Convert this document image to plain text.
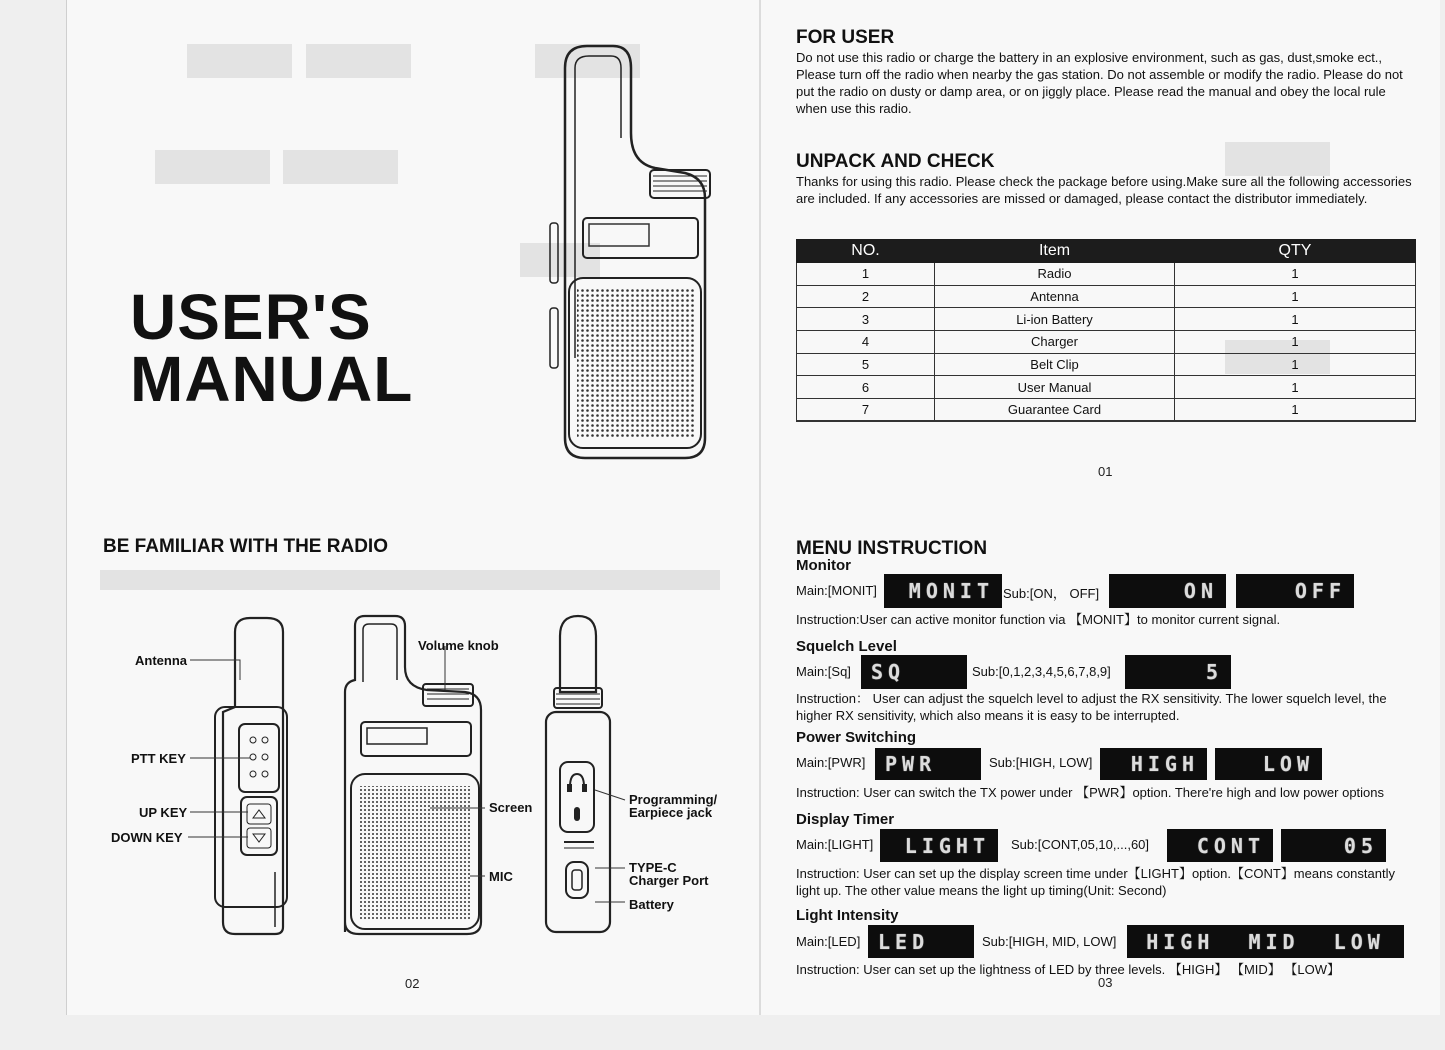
USER'S
MANUAL
BE FAMILIAR WITH THE RADIO
Antenna
PTT KEY
UP KEY
DOWN KEY
Volume knob
Screen
MIC
Programming/
Earpiece jack
TYPE-C
Charger Port
Battery
02
FOR USER
Do not use this radio or charge the battery in an explosive environment, such as gas, dust,smoke ect., Please turn off the radio when nearby the gas station. Do not assemble or modify the radio. Please do not put the radio on dusty or damp area, or on jiggly place. Please read the manual and obey the local rule when use this radio.
UNPACK AND CHECK
Thanks for using this radio. Please check the package before using.Make sure all the following accessories are included. If any accessories are missed or damaged, please contact the distributor immediately.
NO.	Item	QTY
1	Radio	1
2	Antenna	1
3	Li-ion Battery	1
4	Charger	1
5	Belt Clip	1
6	User Manual	1
7	Guarantee Card	1
01
MENU INSTRUCTION
Monitor
Main:[MONIT] MONIT Sub:[ON， OFF]	ON	OFF
Instruction:User can active monitor function via 【MONIT】to monitor current signal.
Squelch Level
Main:[Sq] SQ	Sub:[0,1,2,3,4,5,6,7,8,9]	5
Instruction： User can adjust the squelch level to adjust the RX sensitivity. The lower squelch level, the higher RX sensitivity, which also means it is easy to be interrupted.
Power Switching
Main:[PWR] PWR	Sub:[HIGH, LOW] HIGH	LOW
Instruction: User can switch the TX power under 【PWR】option. There're high and low power options
Display Timer
Main:[LIGHT] LIGHT Sub:[CONT,05,10,...,60] CONT	05
Instruction: User can set up the display screen time under【LIGHT】option.【CONT】means constantly light up. The other value means the light up timing(Unit: Second)
Light Intensity
Main:[LED] LED	Sub:[HIGH, MID, LOW] HIGH  MID  LOW
Instruction: User can set up the lightness of LED by three levels. 【HIGH】 【MID】 【LOW】
03
